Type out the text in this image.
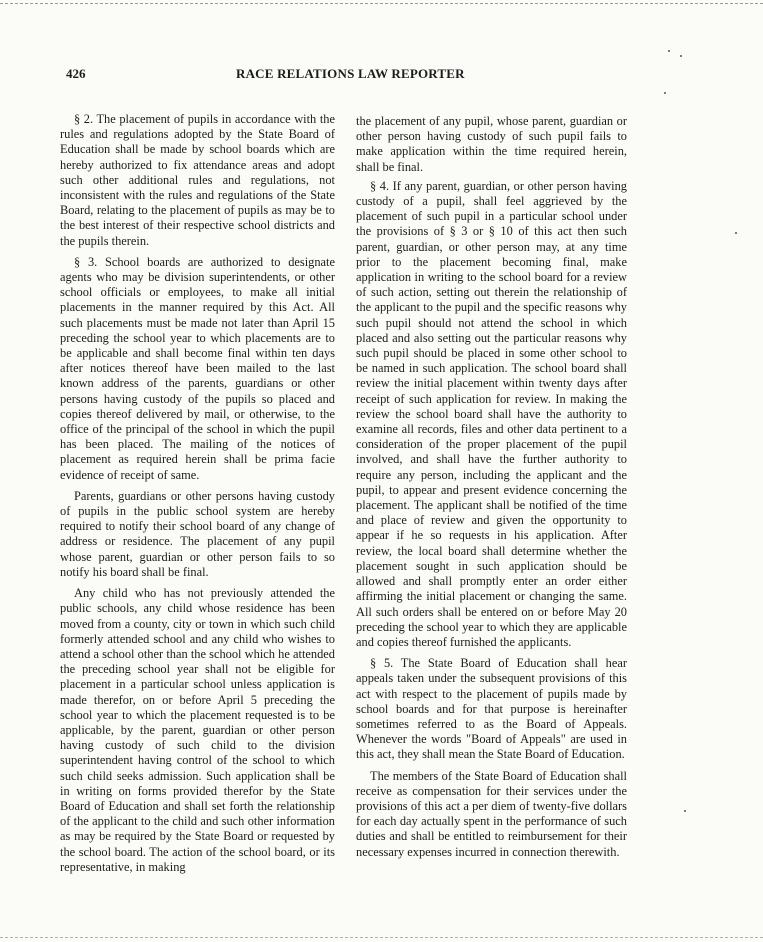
426	RACE RELATIONS LAW REPORTER

§ 2. The placement of pupils in accordance with the rules and regulations adopted by the State Board of Education shall be made by school boards which are hereby authorized to fix attendance areas and adopt such other additional rules and regulations, not inconsistent with the rules and regulations of the State Board, relating to the placement of pupils as may be to the best interest of their respective school districts and the pupils therein.

§ 3. School boards are authorized to designate agents who may be division superintendents, or other school officials or employees, to make all initial placements in the manner required by this Act. All such placements must be made not later than April 15 preceding the school year to which placements are to be applicable and shall become final within ten days after notices thereof have been mailed to the last known address of the parents, guardians or other persons having custody of the pupils so placed and copies thereof delivered by mail, or otherwise, to the office of the principal of the school in which the pupil has been placed. The mailing of the notices of placement as required herein shall be prima facie evidence of receipt of same.

Parents, guardians or other persons having custody of pupils in the public school system are hereby required to notify their school board of any change of address or residence. The placement of any pupil whose parent, guardian or other person fails to so notify his board shall be final.

Any child who has not previously attended the public schools, any child whose residence has been moved from a county, city or town in which such child formerly attended school and any child who wishes to attend a school other than the school which he attended the preceding school year shall not be eligible for placement in a particular school unless application is made therefor, on or before April 5 preceding the school year to which the placement requested is to be applicable, by the parent, guardian or other person having custody of such child to the division superintendent having control of the school to which such child seeks admission. Such application shall be in writing on forms provided therefor by the State Board of Education and shall set forth the relationship of the applicant to the child and such other information as may be required by the State Board or requested by the school board. The action of the school board, or its representative, in making

the placement of any pupil, whose parent, guardian or other person having custody of such pupil fails to make application within the time required herein, shall be final.

§ 4. If any parent, guardian, or other person having custody of a pupil, shall feel aggrieved by the placement of such pupil in a particular school under the provisions of § 3 or § 10 of this act then such parent, guardian, or other person may, at any time prior to the placement becoming final, make application in writing to the school board for a review of such action, setting out therein the relationship of the applicant to the pupil and the specific reasons why such pupil should not attend the school in which placed and also setting out the particular reasons why such pupil should be placed in some other school to be named in such application. The school board shall review the initial placement within twenty days after receipt of such application for review. In making the review the school board shall have the authority to examine all records, files and other data pertinent to a consideration of the proper placement of the pupil involved, and shall have the further authority to require any person, including the applicant and the pupil, to appear and present evidence concerning the placement. The applicant shall be notified of the time and place of review and given the opportunity to appear if he so requests in his application. After review, the local board shall determine whether the placement sought in such application should be allowed and shall promptly enter an order either affirming the initial placement or changing the same. All such orders shall be entered on or before May 20 preceding the school year to which they are applicable and copies thereof furnished the applicants.

§ 5. The State Board of Education shall hear appeals taken under the subsequent provisions of this act with respect to the placement of pupils made by school boards and for that purpose is hereinafter sometimes referred to as the Board of Appeals. Whenever the words "Board of Appeals" are used in this act, they shall mean the State Board of Education.

The members of the State Board of Education shall receive as compensation for their services under the provisions of this act a per diem of twenty-five dollars for each day actually spent in the performance of such duties and shall be entitled to reimbursement for their necessary expenses incurred in connection therewith.
